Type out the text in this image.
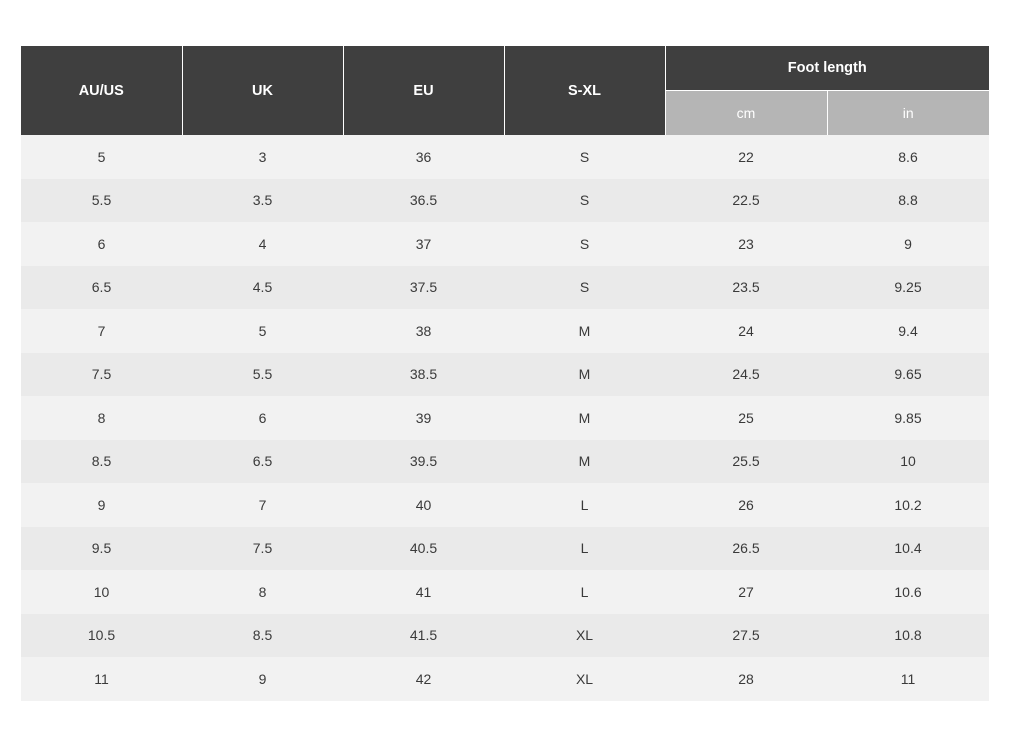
AU/US	UK	EU	S-XL	Foot length	
				cm	in
5	3	36	S	22	8.6
5.5	3.5	36.5	S	22.5	8.8
6	4	37	S	23	9
6.5	4.5	37.5	S	23.5	9.25
7	5	38	M	24	9.4
7.5	5.5	38.5	M	24.5	9.65
8	6	39	M	25	9.85
8.5	6.5	39.5	M	25.5	10
9	7	40	L	26	10.2
9.5	7.5	40.5	L	26.5	10.4
10	8	41	L	27	10.6
10.5	8.5	41.5	XL	27.5	10.8
11	9	42	XL	28	11
